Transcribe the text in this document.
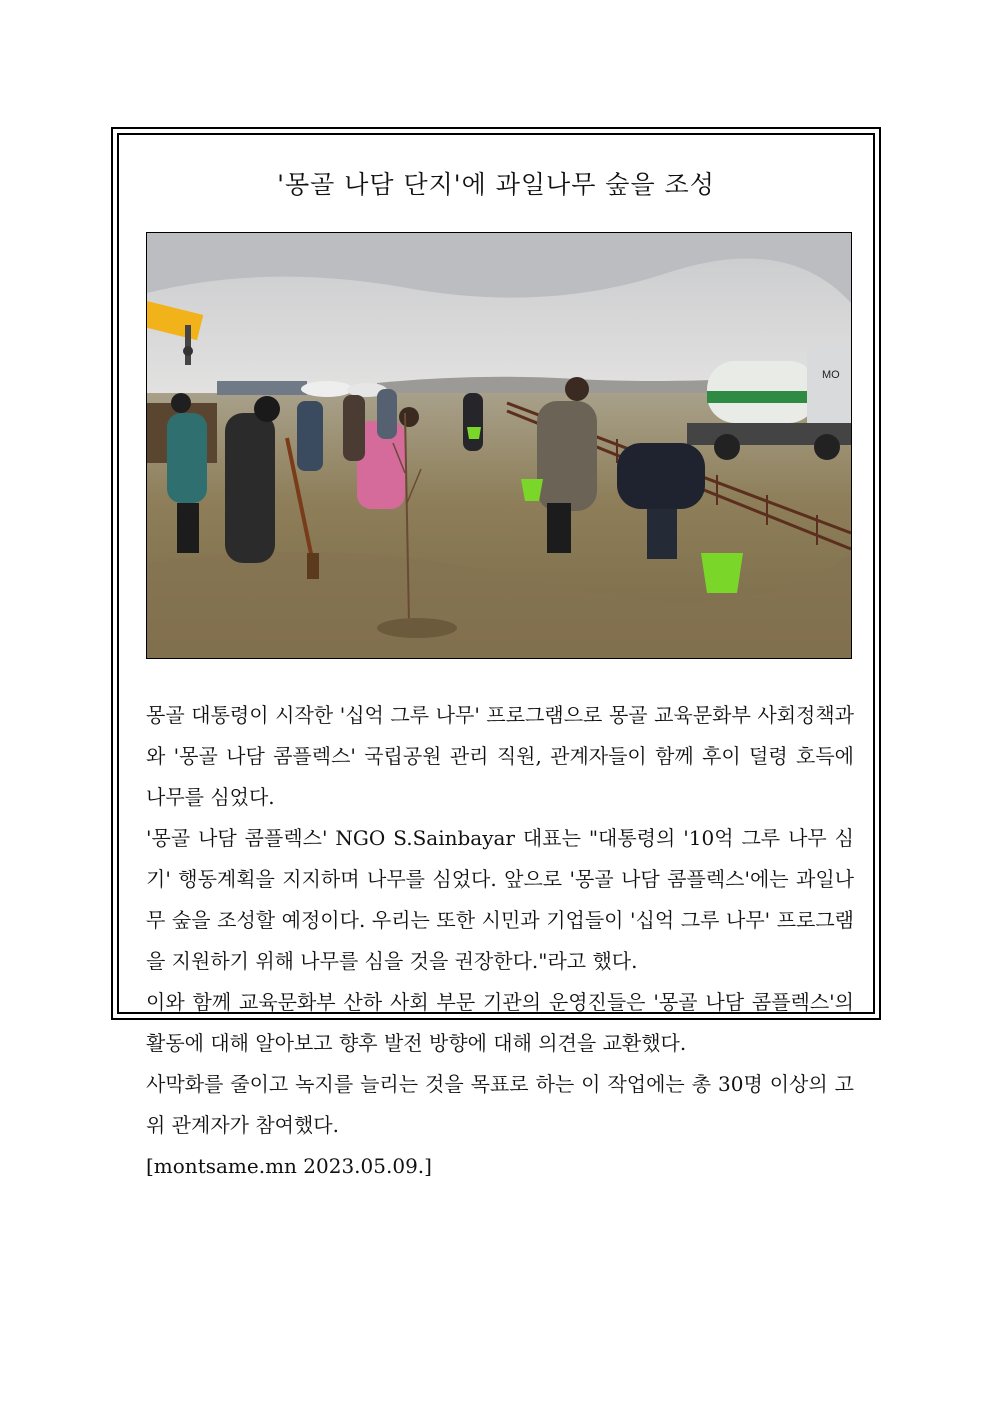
'몽골 나담 단지'에 과일나무 숲을 조성
MO

몽골 대통령이 시작한 '십억 그루 나무' 프로그램으로 몽골 교육문화부 사회정책과와 '몽골 나담 콤플렉스' 국립공원 관리 직원, 관계자들이 함께 후이 덜령 호득에 나무를 심었다.

'몽골 나담 콤플렉스' NGO S.Sainbayar 대표는 "대통령의 '10억 그루 나무 심기' 행동계획을 지지하며 나무를 심었다. 앞으로 '몽골 나담 콤플렉스'에는 과일나무 숲을 조성할 예정이다. 우리는 또한 시민과 기업들이 '십억 그루 나무' 프로그램을 지원하기 위해 나무를 심을 것을 권장한다."라고 했다.

이와 함께 교육문화부 산하 사회 부문 기관의 운영진들은 '몽골 나담 콤플렉스'의 활동에 대해 알아보고 향후 발전 방향에 대해 의견을 교환했다.

사막화를 줄이고 녹지를 늘리는 것을 목표로 하는 이 작업에는 총 30명 이상의 고위 관계자가 참여했다.

[montsame.mn 2023.05.09.]
